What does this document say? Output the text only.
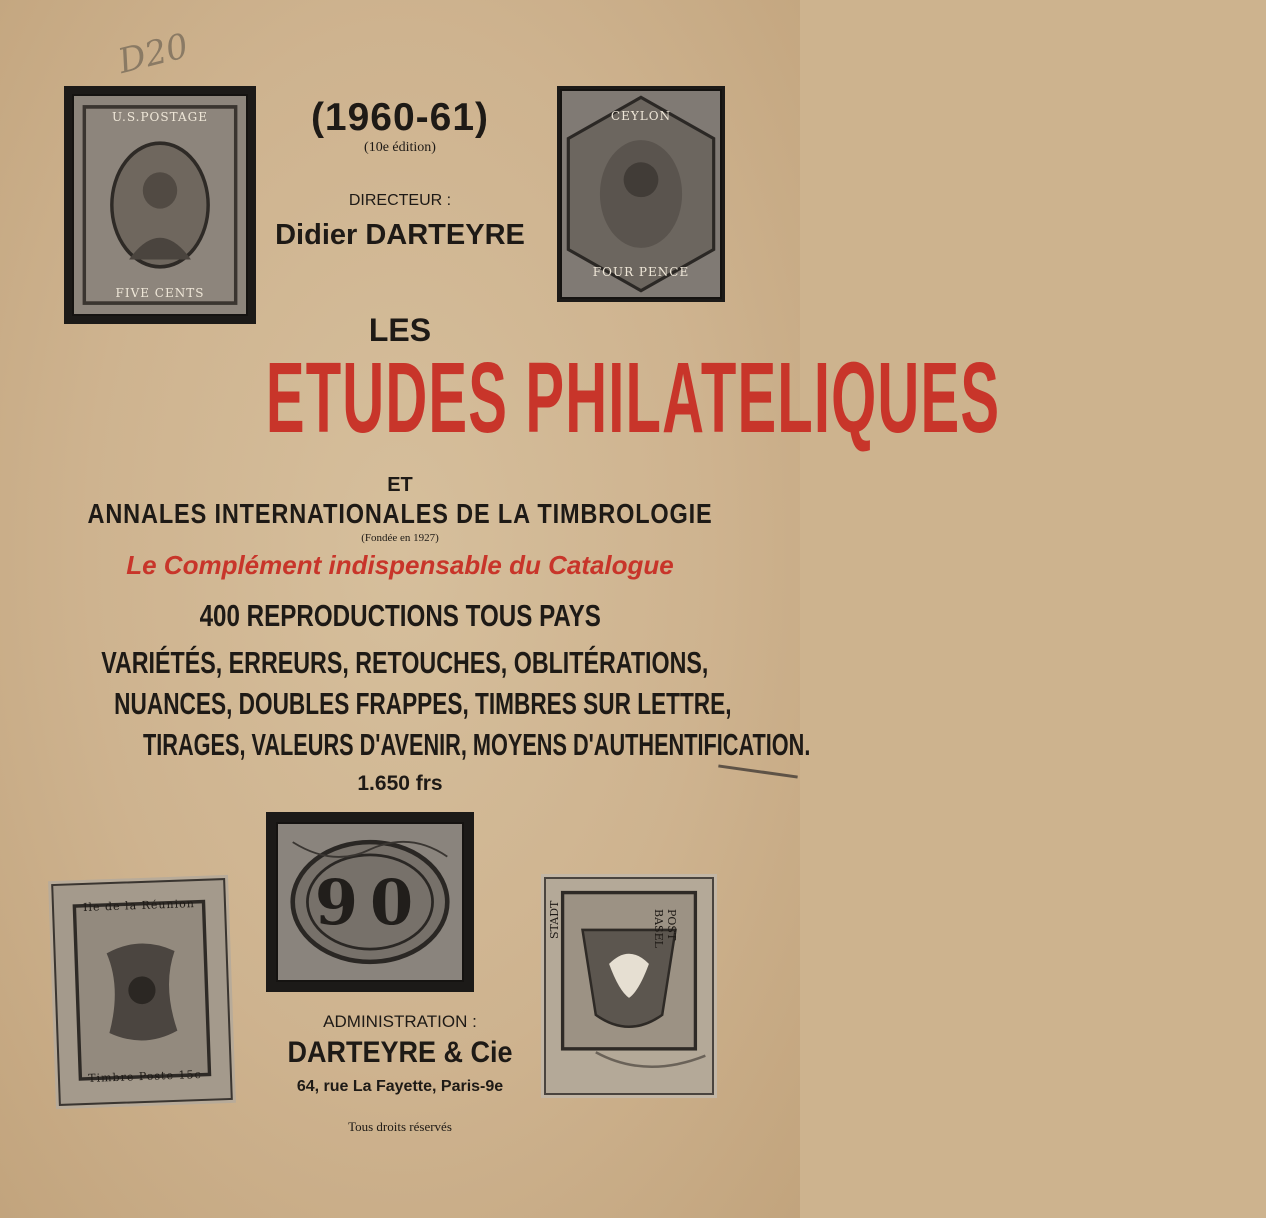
D20
U.S.POSTAGE
FIVE CENTS
CEYLON
FOUR PENCE
(1960-61)
(10e édition)
DIRECTEUR :
Didier DARTEYRE
LES
ETUDES PHILATELIQUES
ET
ANNALES INTERNATIONALES DE LA TIMBROLOGIE
(Fondée en 1927)
Le Complément indispensable du Catalogue
400 REPRODUCTIONS TOUS PAYS
VARIÉTÉS, ERREURS, RETOUCHES, OBLITÉRATIONS,
NUANCES, DOUBLES FRAPPES, TIMBRES SUR LETTRE,
TIRAGES, VALEURS D'AVENIR, MOYENS D'AUTHENTIFICATION.
1.650 frs
90
Ile de la Réunion
Timbre Poste 15c
STADT	POST BASEL
ADMINISTRATION :
DARTEYRE & Cie
64, rue La Fayette, Paris-9e
Tous droits réservés
